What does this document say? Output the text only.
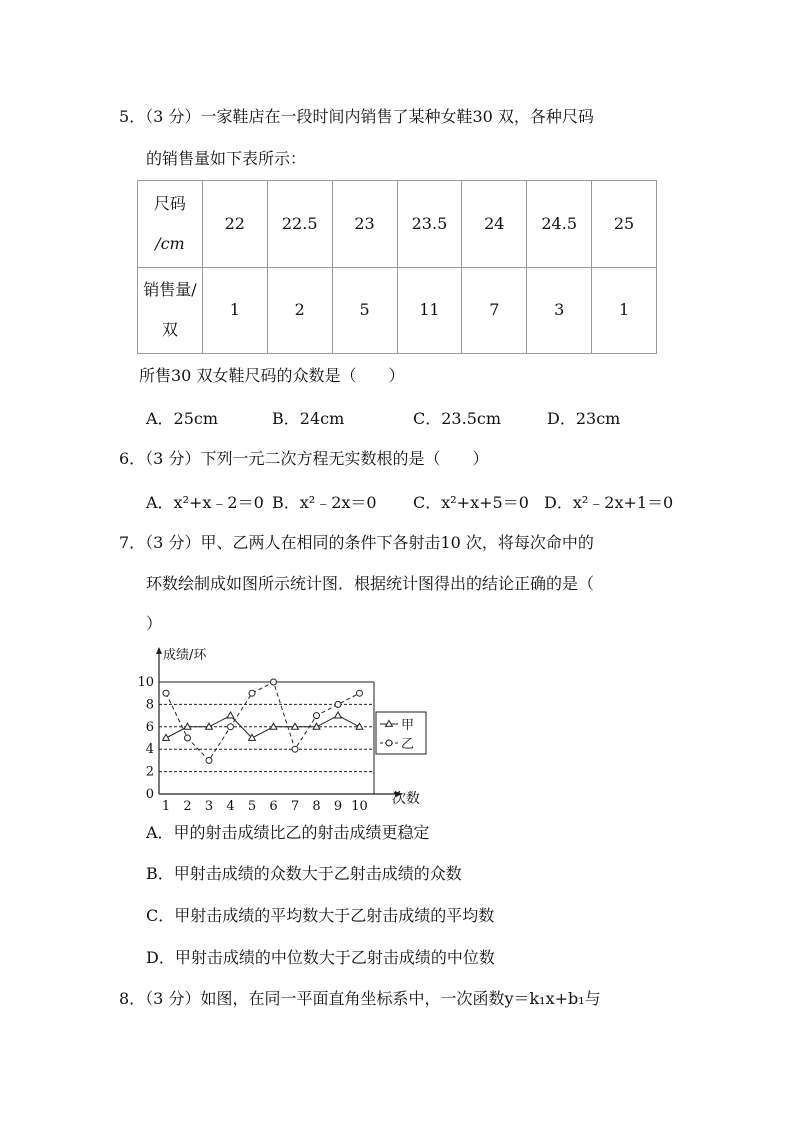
5．（3 分）一家鞋店在一段时间内销售了某种女鞋30 双，各种尺码
的销售量如下表所示：
尺码
/cm	22	22.5	23	23.5	24	24.5	25

销售量/
双	1	2	5	11	7	3	1
所售30 双女鞋尺码的众数是（　　）
A．25cm	B．24cm	C．23.5cm	D．23cm
6．（3 分）下列一元二次方程无实数根的是（　　）
A．x²+x﹣2＝0 B．x²﹣2x＝0 C．x²+x+5＝0 D．x²﹣2x+1＝0
7．（3 分）甲、乙两人在相同的条件下各射击10 次，将每次命中的
环数绘制成如图所示统计图．根据统计图得出的结论正确的是（
）
0
2
4
6
8
10
1 2 3 4 5 6 7 8 9 10
成绩/环
次数
甲
乙
A．甲的射击成绩比乙的射击成绩更稳定
B．甲射击成绩的众数大于乙射击成绩的众数
C．甲射击成绩的平均数大于乙射击成绩的平均数
D．甲射击成绩的中位数大于乙射击成绩的中位数
8．（3 分）如图，在同一平面直角坐标系中，一次函数y＝k₁x+b₁与
